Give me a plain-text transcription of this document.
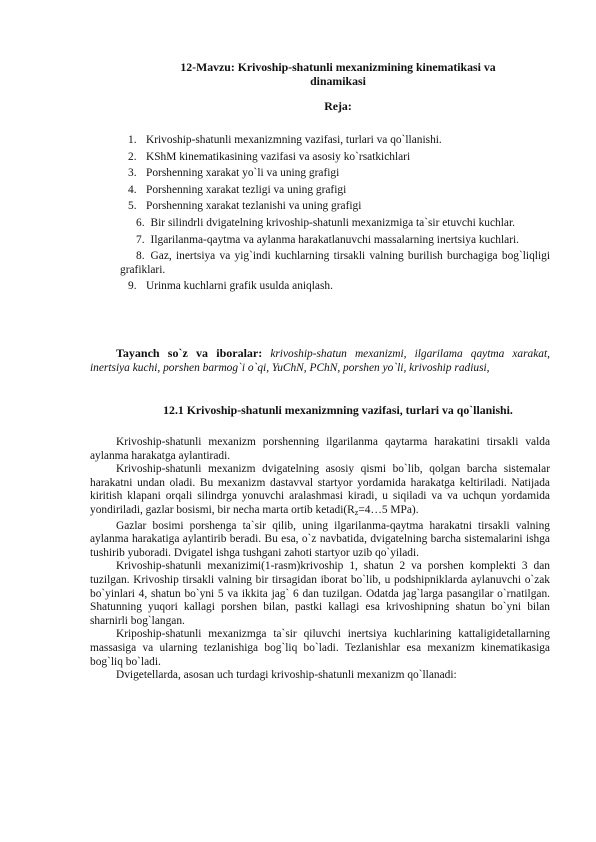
12-Mavzu: Krivoship-shatunli mexanizmining kinematikasi va
dinamikasi
Reja:
1. Krivoship-shatunli mexanizmning vazifasi, turlari va qo`llanishi.
2. KShM kinematikasining vazifasi va asosiy ko`rsatkichlari
3. Porshenning xarakat yo`li va uning grafigi
4. Porshenning xarakat tezligi va uning grafigi
5. Porshenning xarakat tezlanishi va uning grafigi
6. Bir silindrli dvigatelning krivoship-shatunli mexanizmiga ta`sir etuvchi kuchlar.
7. Ilgarilanma-qaytma va aylanma harakatlanuvchi massalarning inertsiya kuchlari.
8. Gaz, inertsiya va yig`indi kuchlarning tirsakli valning burilish burchagiga bog`liqligi grafiklari.
9. Urinma kuchlarni grafik usulda aniqlash.
Tayanch so`z va iboralar: krivoship-shatun mexanizmi, ilgarilama qaytma xarakat, inertsiya kuchi, porshen barmog`i o`qi, YuChN, PChN, porshen yo`li, krivoship radiusi,
12.1 Krivoship-shatunli mexanizmning vazifasi, turlari va qo`llanishi.

Krivoship-shatunli mexanizm porshenning ilgarilanma qaytarma harakatini tirsakli valda aylanma harakatga aylantiradi.

Krivoship-shatunli mexanizm dvigatelning asosiy qismi bo`lib, qolgan barcha sistemalar harakatni undan oladi. Bu mexanizm dastavval startyor yordamida harakatga keltiriladi. Natijada kiritish klapani orqali silindrga yonuvchi aralashmasi kiradi, u siqiladi va va uchqun yordamida yondiriladi, gazlar bosismi, bir necha marta ortib $ketadi(R_z=4\dots 5$ MPa).

Gazlar bosimi porshenga ta`sir qilib, uning ilgarilanma-qaytma harakatni tirsakli valning aylanma harakatiga aylantirib beradi. Bu esa, o`z navbatida, dvigatelning barcha sistemalarini ishga tushirib yuboradi. Dvigatel ishga tushgani zahoti startyor uzib qo`yiladi.

Krivoship-shatunli mexanizimi(1-rasm)krivoship 1, shatun 2 va porshen komplekti 3 dan tuzilgan. Krivoship tirsakli valning bir tirsagidan iborat bo`lib, u podshipniklarda aylanuvchi o`zak bo`yinlari 4, shatun bo`yni 5 va ikkita jag` 6 dan tuzilgan. Odatda jag`larga pasangilar o`rnatilgan. Shatunning yuqori kallagi porshen bilan, pastki kallagi esa krivoshipning shatun bo`yni bilan sharnirli bog`langan.

Kripoship-shatunli mexanizmga ta`sir qiluvchi inertsiya kuchlarining kattaligidetallarning massasiga va ularning tezlanishiga bog`liq bo`ladi. Tezlanishlar esa mexanizm kinematikasiga bog`liq bo`ladi.

Dvigetellarda, asosan uch turdagi krivoship-shatunli mexanizm qo`llanadi:
